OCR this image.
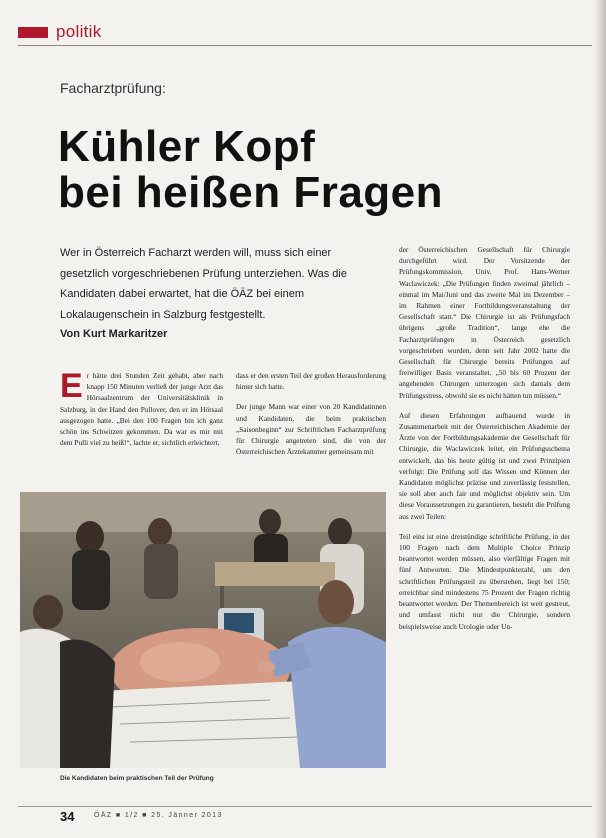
politik
Facharztprüfung:
Kühler Kopf
bei heißen Fragen

Wer in Österreich Facharzt werden will, muss sich einer gesetzlich vorgeschriebenen Prüfung unterziehen. Was die Kandidaten dabei erwartet, hat die ÖÄZ bei einem Lokalaugenschein in Salzburg festgestellt.

Von Kurt Markaritzer

Er hätte drei Stunden Zeit gehabt, aber nach knapp 150 Minuten verließ der junge Arzt das Hörsaalzentrum der Universitätsklinik in Salzburg, in der Hand den Pullover, den er im Hörsaal ausgezogen hatte. „Bei den 100 Fragen bin ich ganz schön ins Schwitzen gekommen. Da war es mir mit dem Pulli viel zu heiß!“, lachte er, sichtlich erleichtert,

dass er den ersten Teil der großen Herausforderung hinter sich hatte.

Der junge Mann war einer von 20 Kandidatinnen und Kandidaten, die beim praktischen „Saisonbeginn“ zur Schriftlichen Facharztprüfung für Chirurgie angetreten sind, die von der Österreichischen Ärztekammer gemeinsam mit

der Österreichischen Gesellschaft für Chirurgie durchgeführt wird. Der Vorsitzende der Prüfungskommission, Univ. Prof. Hans-Werner Waclawiczek: „Die Prüfungen finden zweimal jährlich – einmal im Mai/Juni und das zweite Mal im Dezember – im Rahmen einer Fortbildungsveranstaltung der Gesellschaft statt.“ Die Chirurgie ist als Prüfungsfach übrigens „große Tradition“, lange ehe die Facharztprüfungen in Österreich gesetzlich vorgeschrieben wurden, denn seit Jahr 2002 hatte die Gesellschaft für Chirurgie bereits Prüfungen auf freiwilliger Basis veranstaltet. „50 bis 60 Prozent der angehenden Chirurgen unterzogen sich damals dem Prüfungsstress, obwohl sie es nicht hätten tun müssen.“

Auf diesen Erfahrungen aufbauend wurde in Zusammenarbeit mit der Österreichischen Akademie der Ärzte von der Fortbildungsakademie der Gesellschaft für Chirurgie, die Waclawiczek leitet, ein Prüfungsschema entwickelt, das bis heute gültig ist und zwei Prinzipien verfolgt: Die Prüfung soll das Wissen und Können der Kandidaten möglichst präzise und zuverlässig feststellen, sie soll aber auch fair und möglichst objektiv sein. Um diese Voraussetzungen zu garantieren, besteht die Prüfung aus zwei Teilen:

Teil eins ist eine dreistündige schriftliche Prüfung, in der 100 Fragen nach dem Multiple Choice Prinzip beantwortet werden müssen, also vierfältige Fragen mit fünf Antworten. Die Mindestpunktezahl, um den schriftlichen Prüfungsteil zu überstehen, liegt bei 150; erreichbar sind mindestens 75 Prozent der Fragen richtig beantwortet werden. Der Themenbereich ist weit gestreut, und umfasst nicht nur die Chirurgie, sondern beispielsweise auch Urologie oder Un-

Die Kandidaten beim praktischen Teil der Prüfung
34	ÖÄZ ■ 1/2 ■ 25. Jänner 2013
